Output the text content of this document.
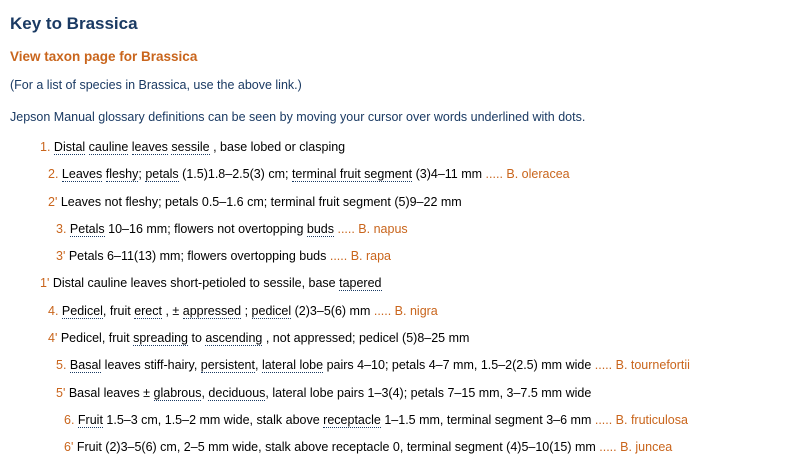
Key to Brassica
View taxon page for Brassica
(For a list of species in Brassica, use the above link.)
Jepson Manual glossary definitions can be seen by moving your cursor over words underlined with dots.
1. Distal cauline leaves sessile , base lobed or clasping
2. Leaves fleshy; petals (1.5)1.8–2.5(3) cm; terminal fruit segment (3)4–11 mm ..... B. oleracea
2' Leaves not fleshy; petals 0.5–1.6 cm; terminal fruit segment (5)9–22 mm
3. Petals 10–16 mm; flowers not overtopping buds ..... B. napus
3' Petals 6–11(13) mm; flowers overtopping buds ..... B. rapa
1' Distal cauline leaves short-petioled to sessile, base tapered
4. Pedicel, fruit erect , ± appressed ; pedicel (2)3–5(6) mm ..... B. nigra
4' Pedicel, fruit spreading to ascending , not appressed; pedicel (5)8–25 mm
5. Basal leaves stiff-hairy, persistent, lateral lobe pairs 4–10; petals 4–7 mm, 1.5–2(2.5) mm wide ..... B. tournefortii
5' Basal leaves ± glabrous, deciduous, lateral lobe pairs 1–3(4); petals 7–15 mm, 3–7.5 mm wide
6. Fruit 1.5–3 cm, 1.5–2 mm wide, stalk above receptacle 1–1.5 mm, terminal segment 3–6 mm ..... B. fruticulosa
6' Fruit (2)3–5(6) cm, 2–5 mm wide, stalk above receptacle 0, terminal segment (4)5–10(15) mm ..... B. juncea
